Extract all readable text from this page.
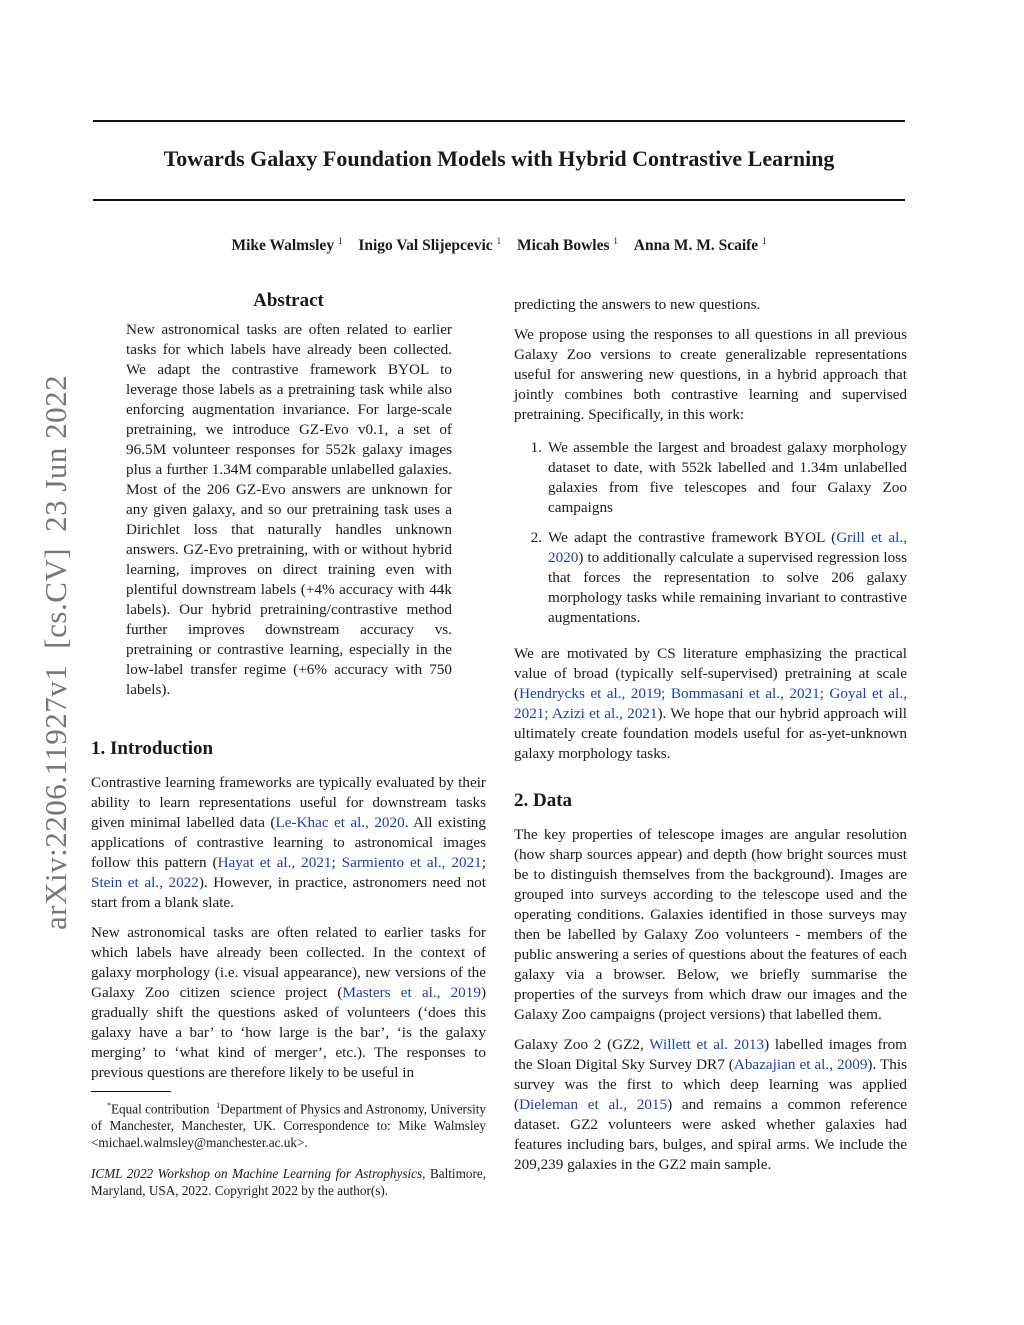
Towards Galaxy Foundation Models with Hybrid Contrastive Learning
Mike Walmsley $^1$ Inigo Val Slijepcevic $^1$ Micah Bowles $^1$ Anna M. M. Scaife $^1$
arXiv:2206.11927v1[cs.CV]23 Jun 2022
Abstract
New astronomical tasks are often related to earlier tasks for which labels have already been collected. We adapt the contrastive framework BYOL to leverage those labels as a pretraining task while also enforcing augmentation invariance. For large-scale pretraining, we introduce GZ-Evo v0.1, a set of 96.5M volunteer responses for 552k galaxy images plus a further 1.34M comparable unlabelled galaxies. Most of the 206 GZ-Evo answers are unknown for any given galaxy, and so our pretraining task uses a Dirichlet loss that naturally handles unknown answers. GZ-Evo pretraining, with or without hybrid learning, improves on direct training even with plentiful downstream labels (+4% accuracy with 44k labels). Our hybrid pretraining/contrastive method further improves downstream accuracy vs. pretraining or contrastive learning, especially in the low-label transfer regime (+6% accuracy with 750 labels).
1. Introduction

Contrastive learning frameworks are typically evaluated by their ability to learn representations useful for downstream tasks given minimal labelled data (Le-Khac et al., 2020. All existing applications of contrastive learning to astronomical images follow this pattern (Hayat et al., 2021; Sarmiento et al., 2021; Stein et al., 2022). However, in practice, astronomers need not start from a blank slate.

New astronomical tasks are often related to earlier tasks for which labels have already been collected. In the context of galaxy morphology (i.e. visual appearance), new versions of the Galaxy Zoo citizen science project (Masters et al., 2019) gradually shift the questions asked of volunteers (‘does this galaxy have a bar’ to ‘how large is the bar’, ‘is the galaxy merging’ to ‘what kind of merger’, etc.). The responses to previous questions are therefore likely to be useful in

*Equal contribution $^1$Department of Physics and Astronomy, University of Manchester, Manchester, UK. Correspondence to: Mike Walmsley <michael.walmsley@manchester.ac.uk>.
ICML 2022 Workshop on Machine Learning for Astrophysics, Baltimore, Maryland, USA, 2022. Copyright 2022 by the author(s).

predicting the answers to new questions.

We propose using the responses to all questions in all previous Galaxy Zoo versions to create generalizable representations useful for answering new questions, in a hybrid approach that jointly combines both contrastive learning and supervised pretraining. Specifically, in this work:

1. We assemble the largest and broadest galaxy morphology dataset to date, with 552k labelled and 1.34m unlabelled galaxies from five telescopes and four Galaxy Zoo campaigns
2. We adapt the contrastive framework BYOL (Grill et al., 2020) to additionally calculate a supervised regression loss that forces the representation to solve 206 galaxy morphology tasks while remaining invariant to contrastive augmentations.

We are motivated by CS literature emphasizing the practical value of broad (typically self-supervised) pretraining at scale (Hendrycks et al., 2019; Bommasani et al., 2021; Goyal et al., 2021; Azizi et al., 2021). We hope that our hybrid approach will ultimately create foundation models useful for as-yet-unknown galaxy morphology tasks.

2. Data

The key properties of telescope images are angular resolution (how sharp sources appear) and depth (how bright sources must be to distinguish themselves from the background). Images are grouped into surveys according to the telescope used and the operating conditions. Galaxies identified in those surveys may then be labelled by Galaxy Zoo volunteers - members of the public answering a series of questions about the features of each galaxy via a browser. Below, we briefly summarise the properties of the surveys from which draw our images and the Galaxy Zoo campaigns (project versions) that labelled them.

Galaxy Zoo 2 (GZ2, Willett et al. 2013) labelled images from the Sloan Digital Sky Survey DR7 (Abazajian et al., 2009). This survey was the first to which deep learning was applied (Dieleman et al., 2015) and remains a common reference dataset. GZ2 volunteers were asked whether galaxies had features including bars, bulges, and spiral arms. We include the 209,239 galaxies in the GZ2 main sample.
